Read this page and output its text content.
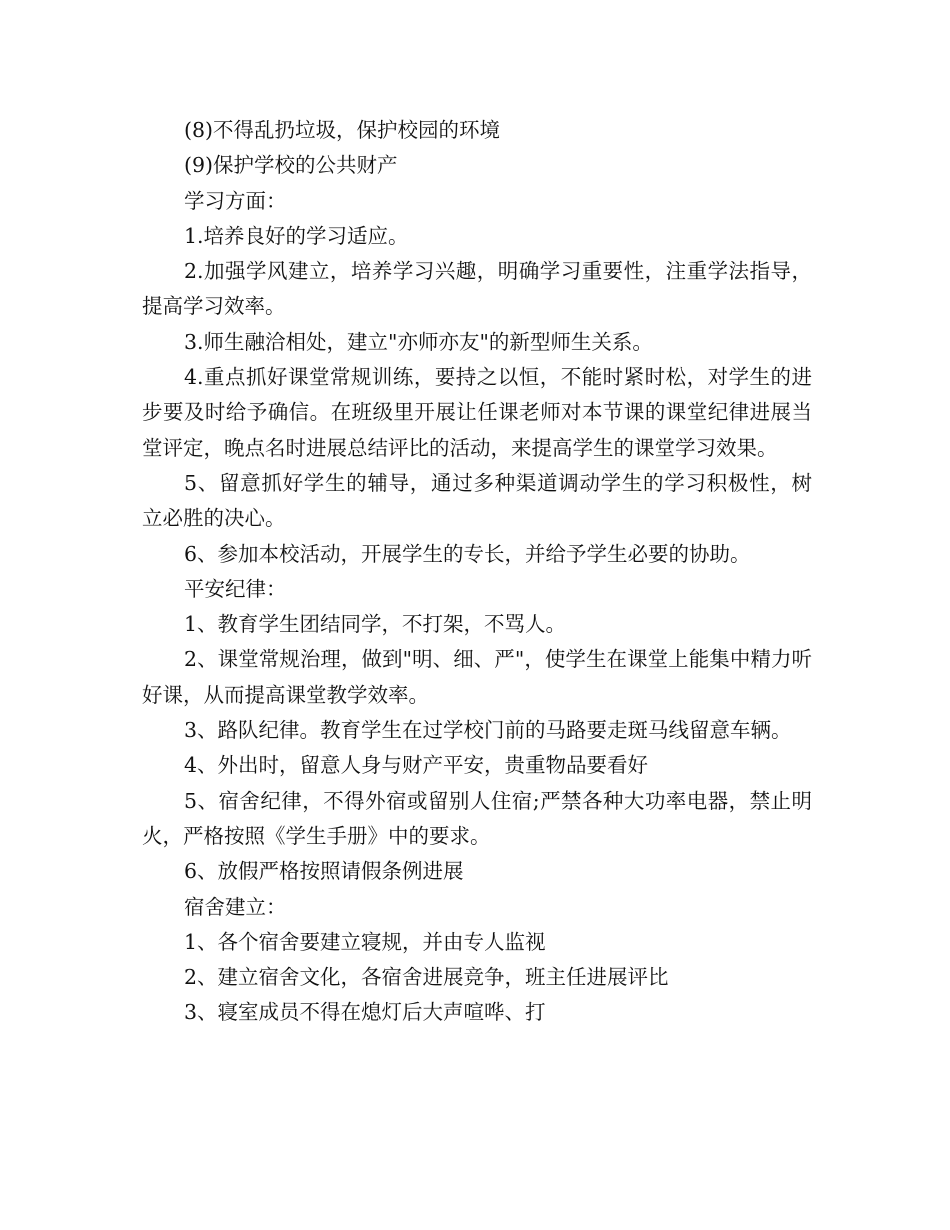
(8)不得乱扔垃圾，保护校园的环境

(9)保护学校的公共财产

学习方面：

1.培养良好的学习适应。

2.加强学风建立，培养学习兴趣，明确学习重要性，注重学法指导，提高学习效率。

3.师生融洽相处，建立"亦师亦友"的新型师生关系。

4.重点抓好课堂常规训练，要持之以恒，不能时紧时松，对学生的进步要及时给予确信。在班级里开展让任课老师对本节课的课堂纪律进展当堂评定，晚点名时进展总结评比的活动，来提高学生的课堂学习效果。

5、留意抓好学生的辅导，通过多种渠道调动学生的学习积极性，树立必胜的决心。

6、参加本校活动，开展学生的专长，并给予学生必要的协助。

平安纪律：

1、教育学生团结同学，不打架，不骂人。

2、课堂常规治理，做到"明、细、严"，使学生在课堂上能集中精力听好课，从而提高课堂教学效率。

3、路队纪律。教育学生在过学校门前的马路要走斑马线留意车辆。

4、外出时，留意人身与财产平安，贵重物品要看好

5、宿舍纪律，不得外宿或留别人住宿;严禁各种大功率电器，禁止明火，严格按照《学生手册》中的要求。

6、放假严格按照请假条例进展

宿舍建立：

1、各个宿舍要建立寝规，并由专人监视

2、建立宿舍文化，各宿舍进展竞争，班主任进展评比

3、寝室成员不得在熄灯后大声喧哗、打
